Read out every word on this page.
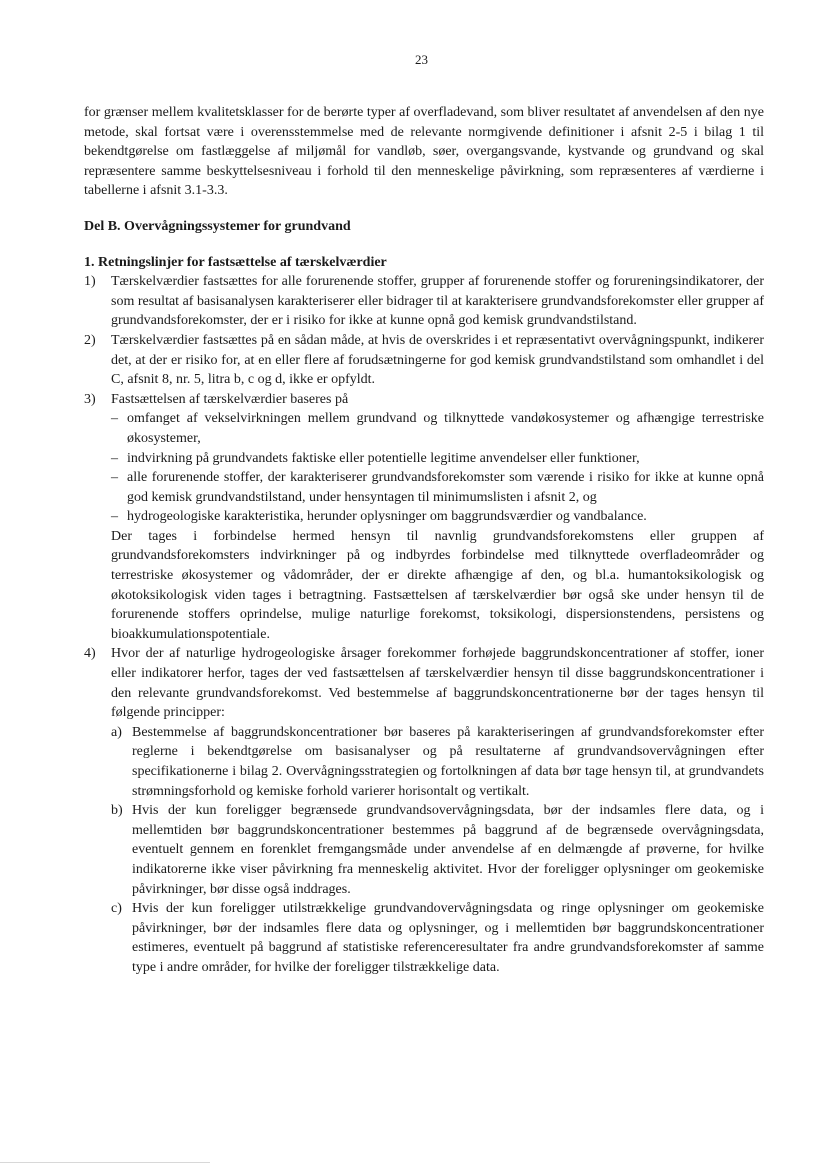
23

for grænser mellem kvalitetsklasser for de berørte typer af overfladevand, som bliver resultatet af anvendelsen af den nye metode, skal fortsat være i overensstemmelse med de relevante normgivende definitioner i afsnit 2-5 i bilag 1 til bekendtgørelse om fastlæggelse af miljømål for vandløb, søer, overgangsvande, kystvande og grundvand og skal repræsentere samme beskyttelsesniveau i forhold til den menneskelige påvirkning, som repræsenteres af værdierne i tabellerne i afsnit 3.1-3.3.

Del B. Overvågningssystemer for grundvand

1. Retningslinjer for fastsættelse af tærskelværdier

1) Tærskelværdier fastsættes for alle forurenende stoffer, grupper af forurenende stoffer og forureningsindikatorer, der som resultat af basisanalysen karakteriserer eller bidrager til at karakterisere grundvandsforekomster eller grupper af grundvandsforekomster, der er i risiko for ikke at kunne opnå god kemisk grundvandstilstand.

2) Tærskelværdier fastsættes på en sådan måde, at hvis de overskrides i et repræsentativt overvågningspunkt, indikerer det, at der er risiko for, at en eller flere af forudsætningerne for god kemisk grundvandstilstand som omhandlet i del C, afsnit 8, nr. 5, litra b, c og d, ikke er opfyldt.

3) Fastsættelsen af tærskelværdier baseres på

– omfanget af vekselvirkningen mellem grundvand og tilknyttede vandøkosystemer og afhængige terrestriske økosystemer,
– indvirkning på grundvandets faktiske eller potentielle legitime anvendelser eller funktioner,
– alle forurenende stoffer, der karakteriserer grundvandsforekomster som værende i risiko for ikke at kunne opnå god kemisk grundvandstilstand, under hensyntagen til minimumslisten i afsnit 2, og
– hydrogeologiske karakteristika, herunder oplysninger om baggrundsværdier og vandbalance.

Der tages i forbindelse hermed hensyn til navnlig grundvandsforekomstens eller gruppen af grundvandsforekomsters indvirkninger på og indbyrdes forbindelse med tilknyttede overfladeområder og terrestriske økosystemer og vådområder, der er direkte afhængige af den, og bl.a. humantoksikologisk og økotoksikologisk viden tages i betragtning. Fastsættelsen af tærskelværdier bør også ske under hensyn til de forurenende stoffers oprindelse, mulige naturlige forekomst, toksikologi, dispersionstendens, persistens og bioakkumulationspotentiale.

4) Hvor der af naturlige hydrogeologiske årsager forekommer forhøjede baggrundskoncentrationer af stoffer, ioner eller indikatorer herfor, tages der ved fastsættelsen af tærskelværdier hensyn til disse baggrundskoncentrationer i den relevante grundvandsforekomst. Ved bestemmelse af baggrundskoncentrationerne bør der tages hensyn til følgende principper:

a) Bestemmelse af baggrundskoncentrationer bør baseres på karakteriseringen af grundvandsforekomster efter reglerne i bekendtgørelse om basisanalyser og på resultaterne af grundvandsovervågningen efter specifikationerne i bilag 2. Overvågningsstrategien og fortolkningen af data bør tage hensyn til, at grundvandets strømningsforhold og kemiske forhold varierer horisontalt og vertikalt.

b) Hvis der kun foreligger begrænsede grundvandsovervågningsdata, bør der indsamles flere data, og i mellemtiden bør baggrundskoncentrationer bestemmes på baggrund af de begrænsede overvågningsdata, eventuelt gennem en forenklet fremgangsmåde under anvendelse af en delmængde af prøverne, for hvilke indikatorerne ikke viser påvirkning fra menneskelig aktivitet. Hvor der foreligger oplysninger om geokemiske påvirkninger, bør disse også inddrages.

c) Hvis der kun foreligger utilstrækkelige grundvandovervågningsdata og ringe oplysninger om geokemiske påvirkninger, bør der indsamles flere data og oplysninger, og i mellemtiden bør baggrundskoncentrationer estimeres, eventuelt på baggrund af statistiske referenceresultater fra andre grundvandsforekomster af samme type i andre områder, for hvilke der foreligger tilstrækkelige data.
